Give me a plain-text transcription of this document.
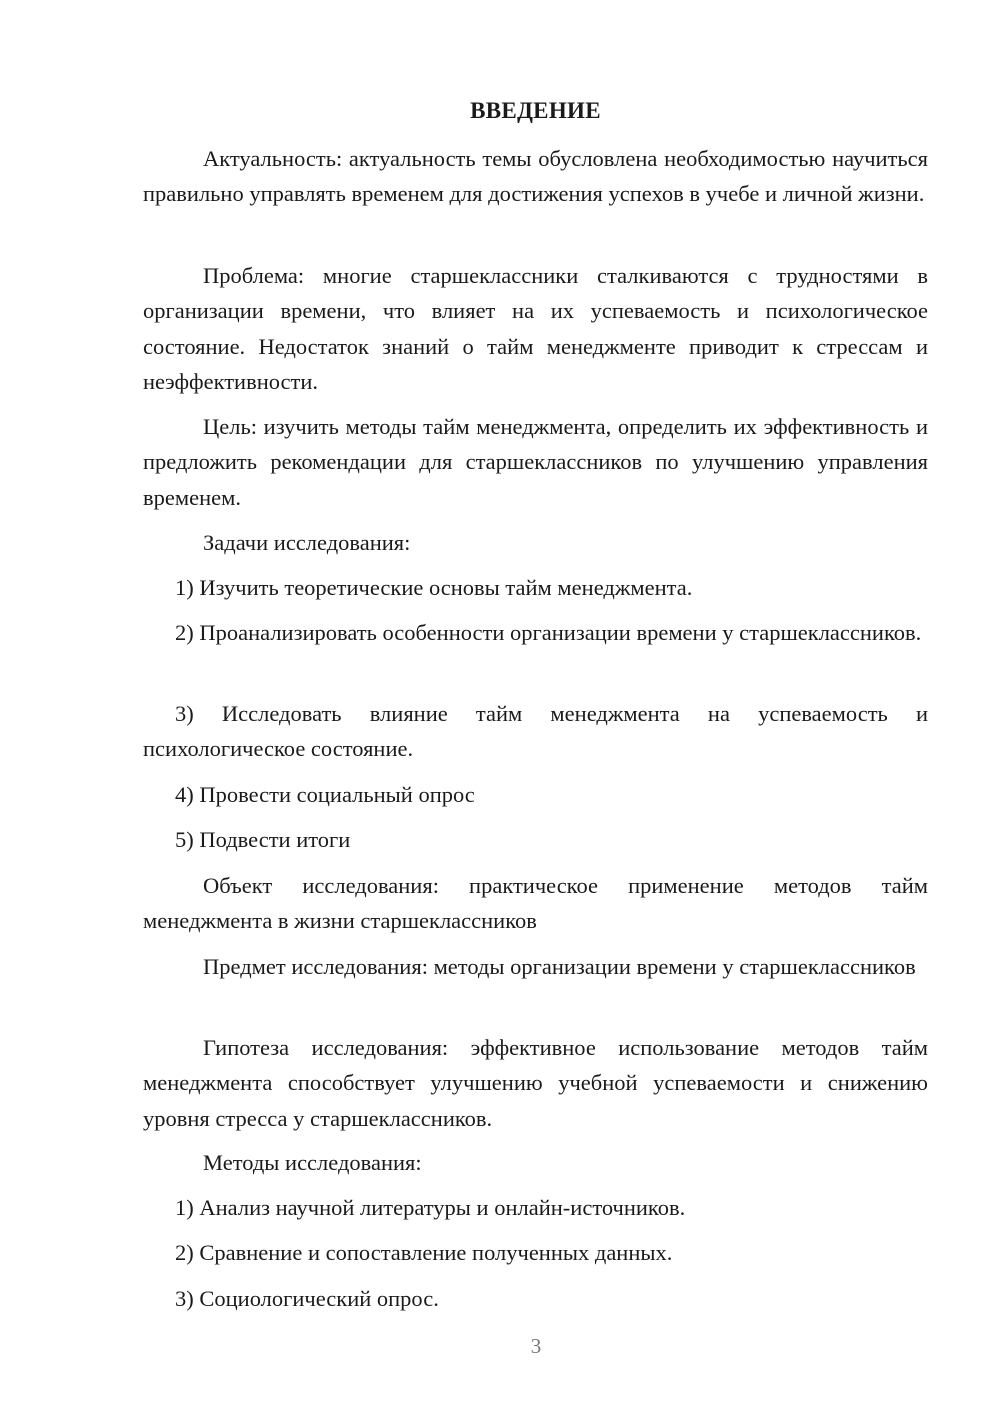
ВВЕДЕНИЕ

Актуальность: актуальность темы обусловлена необходимостью научиться правильно управлять временем для достижения успехов в учебе и личной жизни.

Проблема: многие старшеклассники сталкиваются с трудностями в организации времени, что влияет на их успеваемость и психологическое состояние. Недостаток знаний о тайм менеджменте приводит к стрессам и неэффективности.

Цель: изучить методы тайм менеджмента, определить их эффективность и предложить рекомендации для старшеклассников по улучшению управления временем.

Задачи исследования:

1) Изучить теоретические основы тайм менеджмента.

2) Проанализировать особенности организации времени у старшеклассников.

3) Исследовать влияние тайм менеджмента на успеваемость и психологическое состояние.

4) Провести социальный опрос

5) Подвести итоги

Объект исследования: практическое применение методов тайм менеджмента в жизни старшеклассников

Предмет исследования: методы организации времени у старшеклассников

Гипотеза исследования: эффективное использование методов тайм менеджмента способствует улучшению учебной успеваемости и снижению уровня стресса у старшеклассников.

Методы исследования:

1) Анализ научной литературы и онлайн-источников.

2) Сравнение и сопоставление полученных данных.

3) Социологический опрос.

3
